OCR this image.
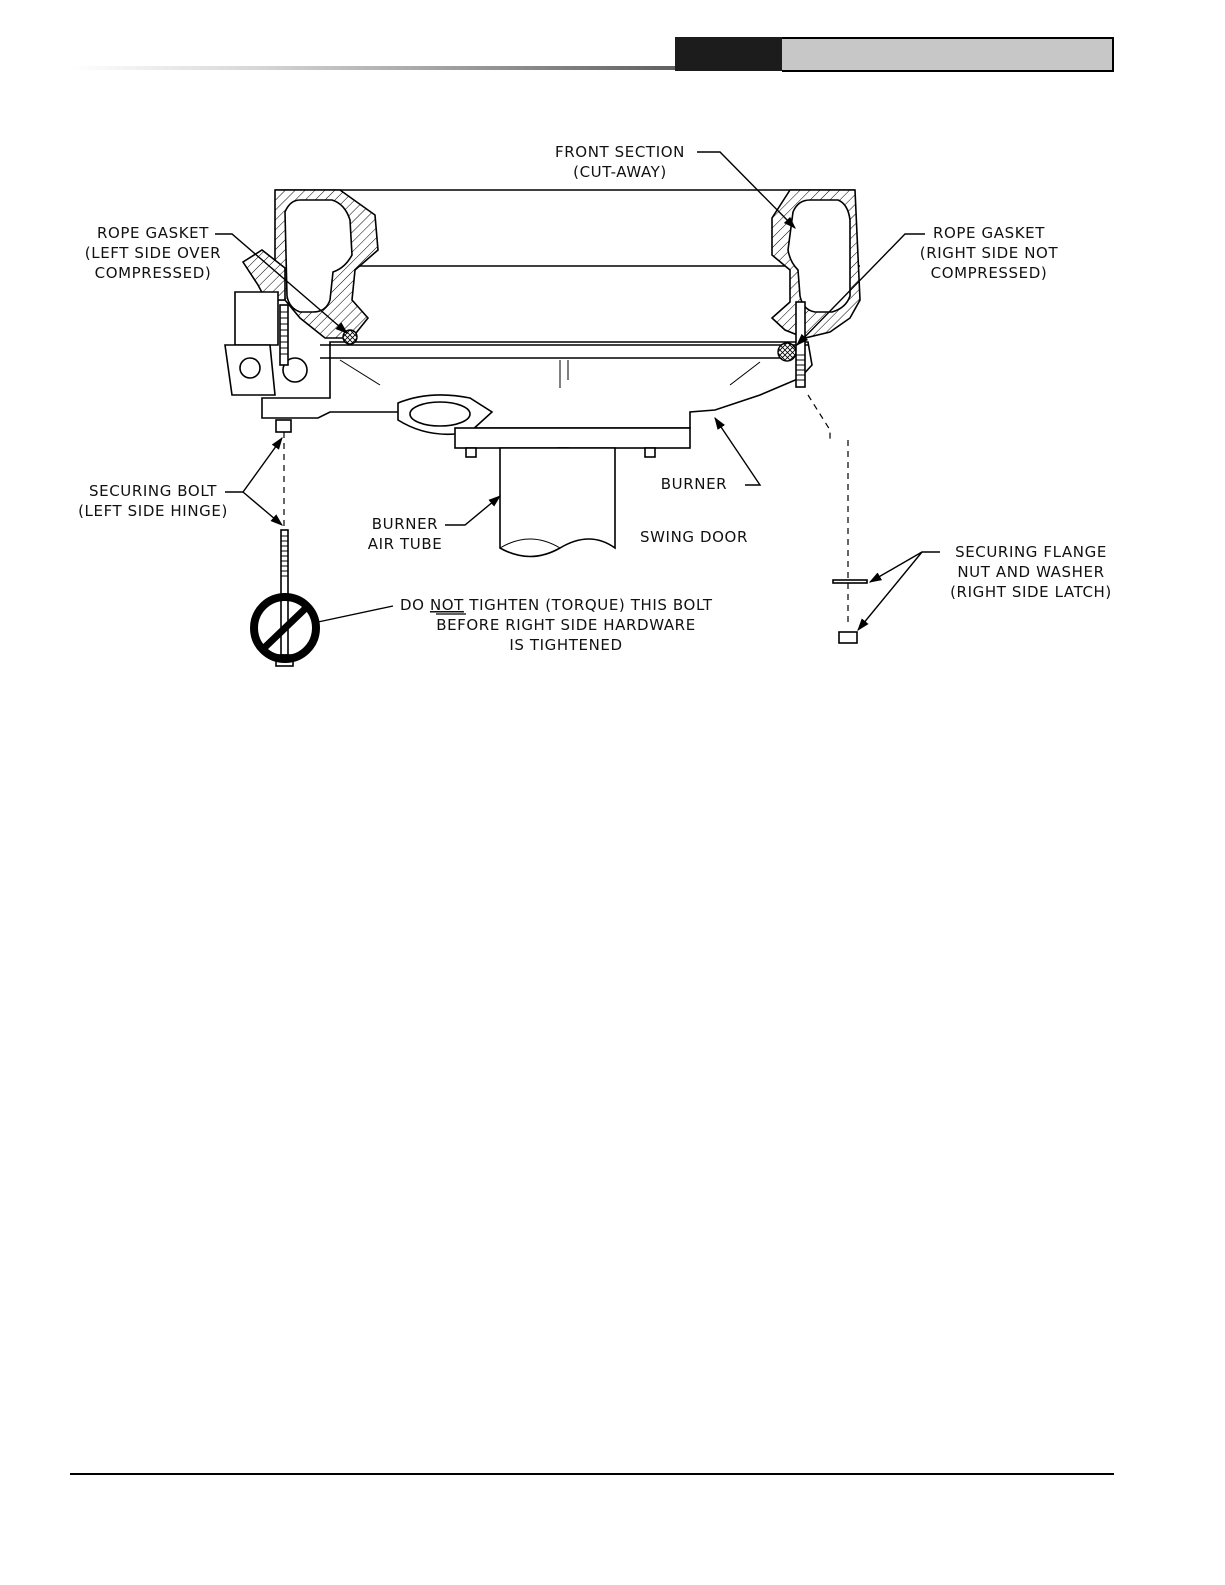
FRONT SECTION
(CUT-AWAY)
ROPE GASKET
(LEFT SIDE OVER
COMPRESSED)
ROPE GASKET
(RIGHT SIDE NOT
COMPRESSED)
SECURING BOLT
(LEFT SIDE HINGE)
BURNER
AIR TUBE
BURNER
SWING DOOR
SECURING FLANGE
NUT AND WASHER
(RIGHT SIDE LATCH)
DO NOT TIGHTEN (TORQUE) THIS BOLT
BEFORE RIGHT SIDE HARDWARE
IS TIGHTENED
